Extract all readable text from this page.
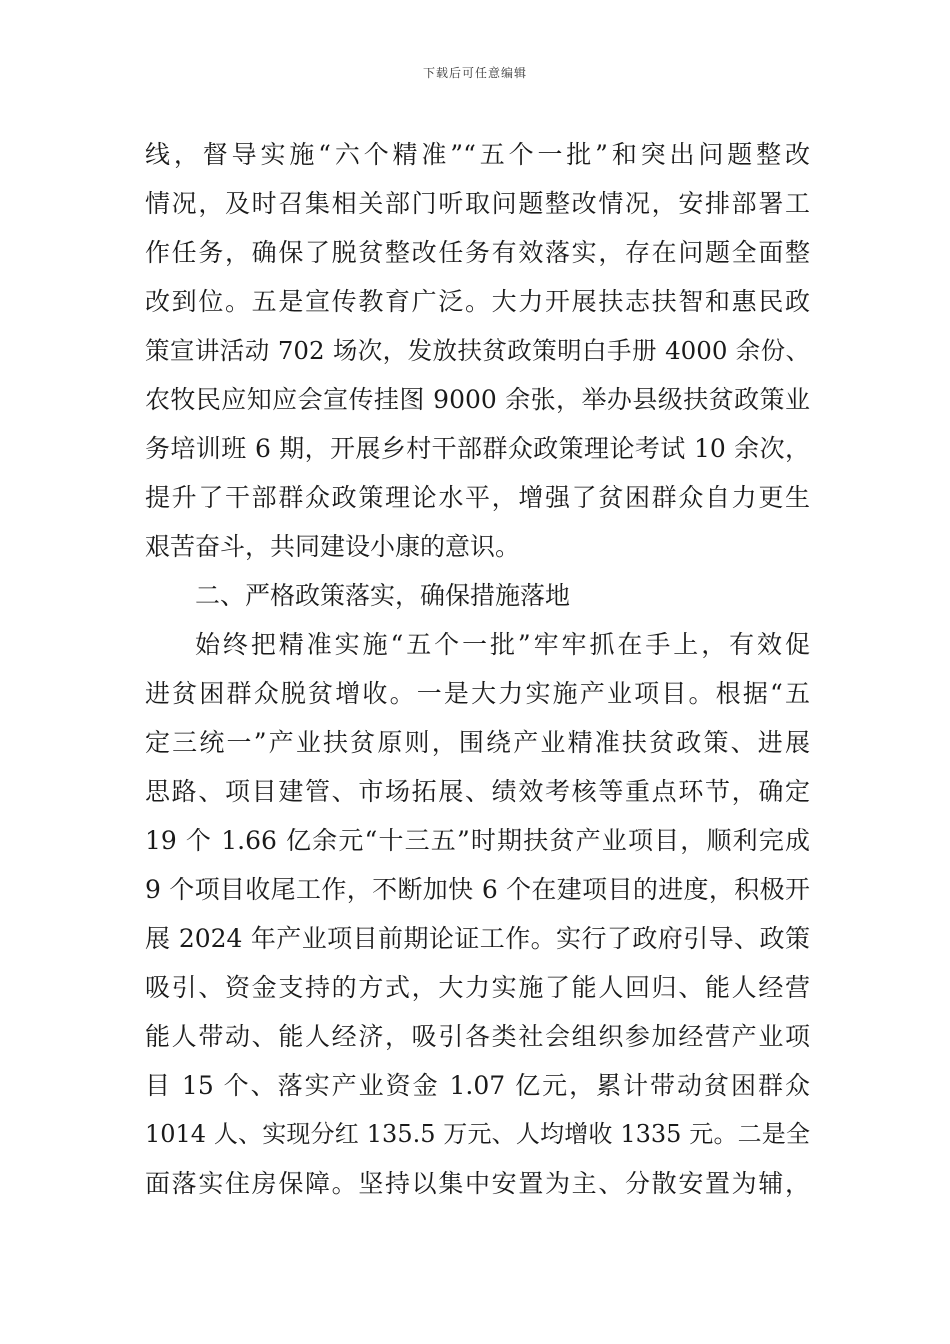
下载后可任意编辑
线，督导实施“六个精准”“五个一批”和突出问题整改
情况，及时召集相关部门听取问题整改情况，安排部署工
作任务，确保了脱贫整改任务有效落实，存在问题全面整
改到位。五是宣传教育广泛。大力开展扶志扶智和惠民政
策宣讲活动 702 场次，发放扶贫政策明白手册 4000 余份、
农牧民应知应会宣传挂图 9000 余张，举办县级扶贫政策业
务培训班 6 期，开展乡村干部群众政策理论考试 10 余次，
提升了干部群众政策理论水平，增强了贫困群众自力更生
艰苦奋斗，共同建设小康的意识。
二、严格政策落实，确保措施落地
始终把精准实施“五个一批”牢牢抓在手上，有效促
进贫困群众脱贫增收。一是大力实施产业项目。根据“五
定三统一”产业扶贫原则，围绕产业精准扶贫政策、进展
思路、项目建管、市场拓展、绩效考核等重点环节，确定
19 个 1.66 亿余元“十三五”时期扶贫产业项目，顺利完成
9 个项目收尾工作，不断加快 6 个在建项目的进度，积极开
展 2024 年产业项目前期论证工作。实行了政府引导、政策
吸引、资金支持的方式，大力实施了能人回归、能人经营
能人带动、能人经济，吸引各类社会组织参加经营产业项
目 15 个、落实产业资金 1.07 亿元，累计带动贫困群众
1014 人、实现分红 135.5 万元、人均增收 1335 元。二是全
面落实住房保障。坚持以集中安置为主、分散安置为辅，
